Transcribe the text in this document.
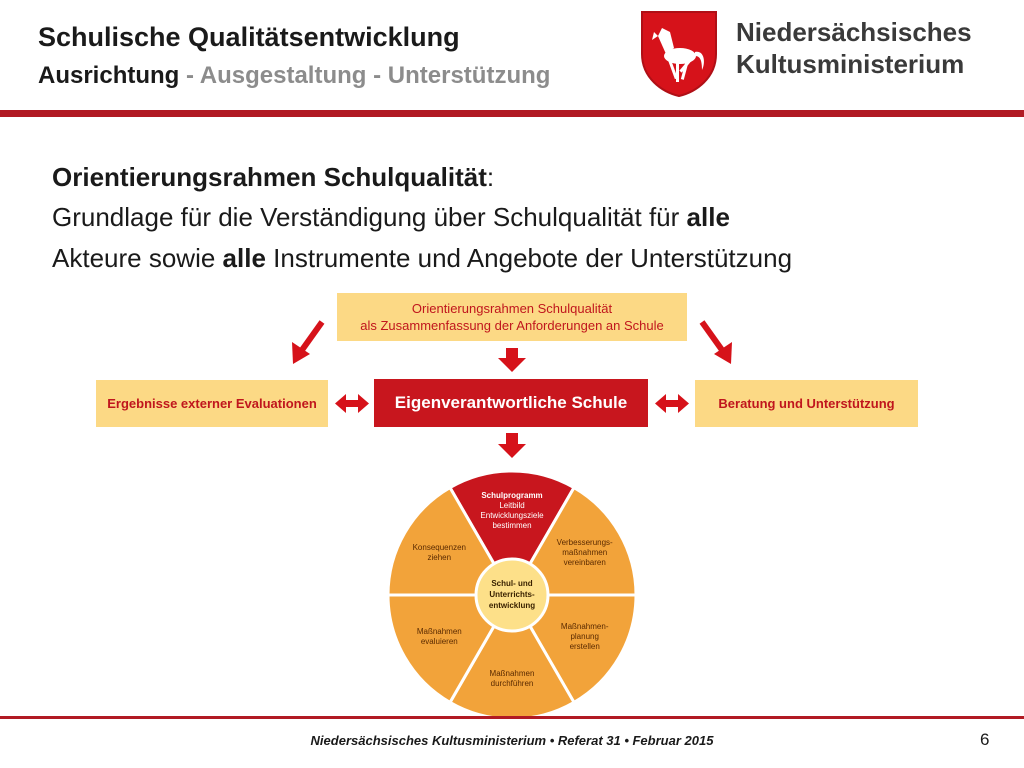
Schulische Qualitätsentwicklung
Ausrichtung - Ausgestaltung - Unterstützung
Niedersächsisches
Kultusministerium
Orientierungsrahmen Schulqualität:
Grundlage für die Verständigung über Schulqualität für alle
Akteure sowie alle Instrumente und Angebote der Unterstützung
Orientierungsrahmen Schulqualität
als Zusammenfassung der Anforderungen an Schule
Ergebnisse externer Evaluationen	Eigenverantwortliche Schule	Beratung und Unterstützung
Schulprogramm
Leitbild
Entwicklungsziele
bestimmen
Verbesserungs-
maßnahmen
vereinbaren
Maßnahmen-
planung
erstellen
Maßnahmen
durchführen
Maßnahmen
evaluieren
Konsequenzen
ziehen
Schul- und
Unterrichts-
entwicklung
Niedersächsisches Kultusministerium • Referat 31 • Februar 2015	6
